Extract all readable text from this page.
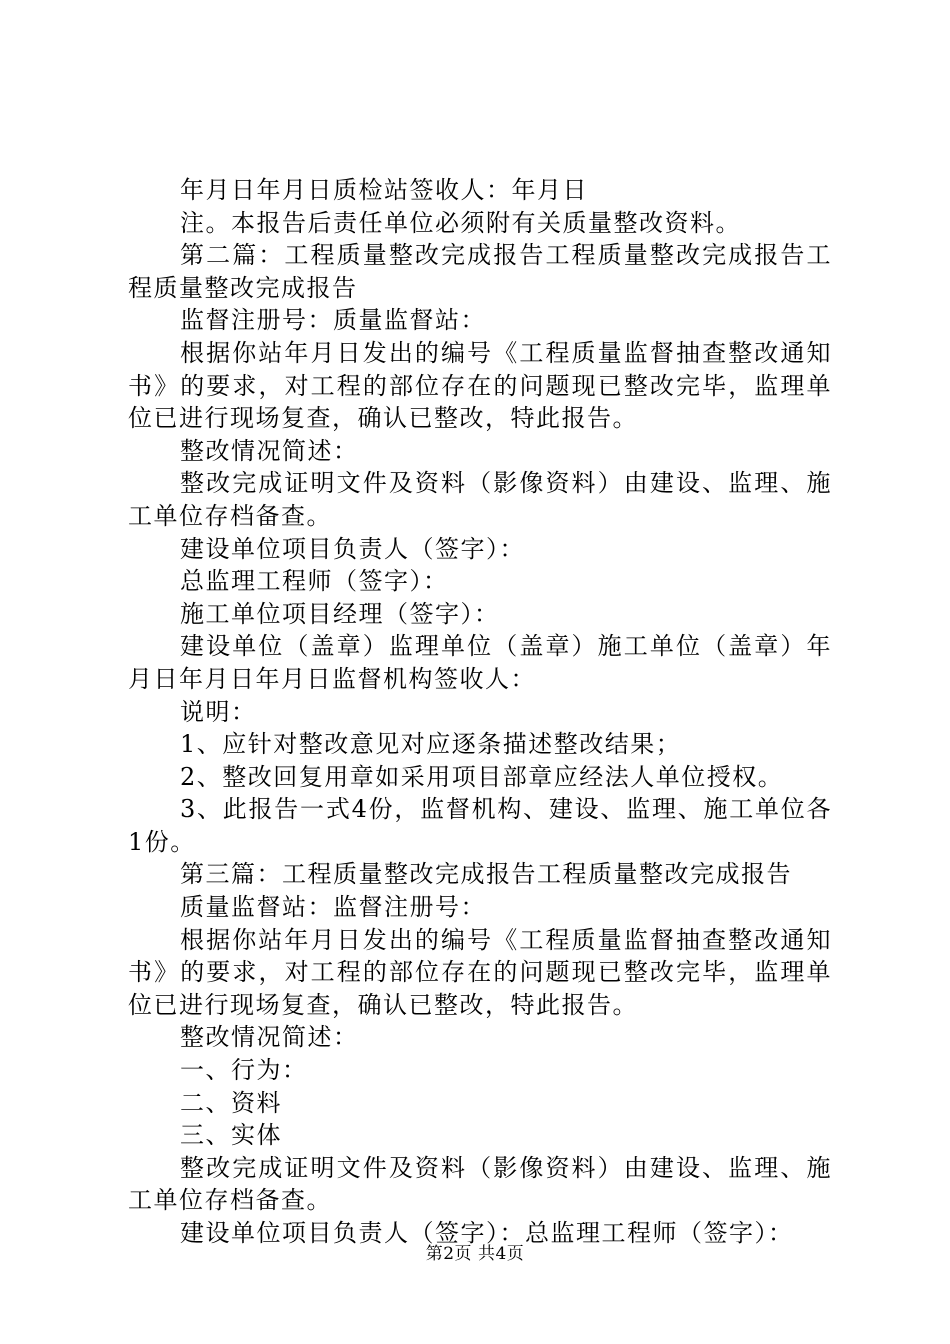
年月日年月日质检站签收人：年月日

注。本报告后责任单位必须附有关质量整改资料。

第二篇：工程质量整改完成报告工程质量整改完成报告工程质量整改完成报告

监督注册号：质量监督站：

根据你站年月日发出的编号《工程质量监督抽查整改通知书》的要求，对工程的部位存在的问题现已整改完毕，监理单位已进行现场复查，确认已整改，特此报告。

整改情况简述：

整改完成证明文件及资料（影像资料）由建设、监理、施工单位存档备查。

建设单位项目负责人（签字）：

总监理工程师（签字）：

施工单位项目经理（签字）：

建设单位（盖章）监理单位（盖章）施工单位（盖章）年月日年月日年月日监督机构签收人：

说明：

1、应针对整改意见对应逐条描述整改结果；

2、整改回复用章如采用项目部章应经法人单位授权。

3、此报告一式4份，监督机构、建设、监理、施工单位各1份。

第三篇：工程质量整改完成报告工程质量整改完成报告

质量监督站：监督注册号：

根据你站年月日发出的编号《工程质量监督抽查整改通知书》的要求，对工程的部位存在的问题现已整改完毕，监理单位已进行现场复查，确认已整改，特此报告。

整改情况简述：

一、行为：

二、资料

三、实体

整改完成证明文件及资料（影像资料）由建设、监理、施工单位存档备查。

建设单位项目负责人（签字）：总监理工程师（签字）：

第2页 共4页
